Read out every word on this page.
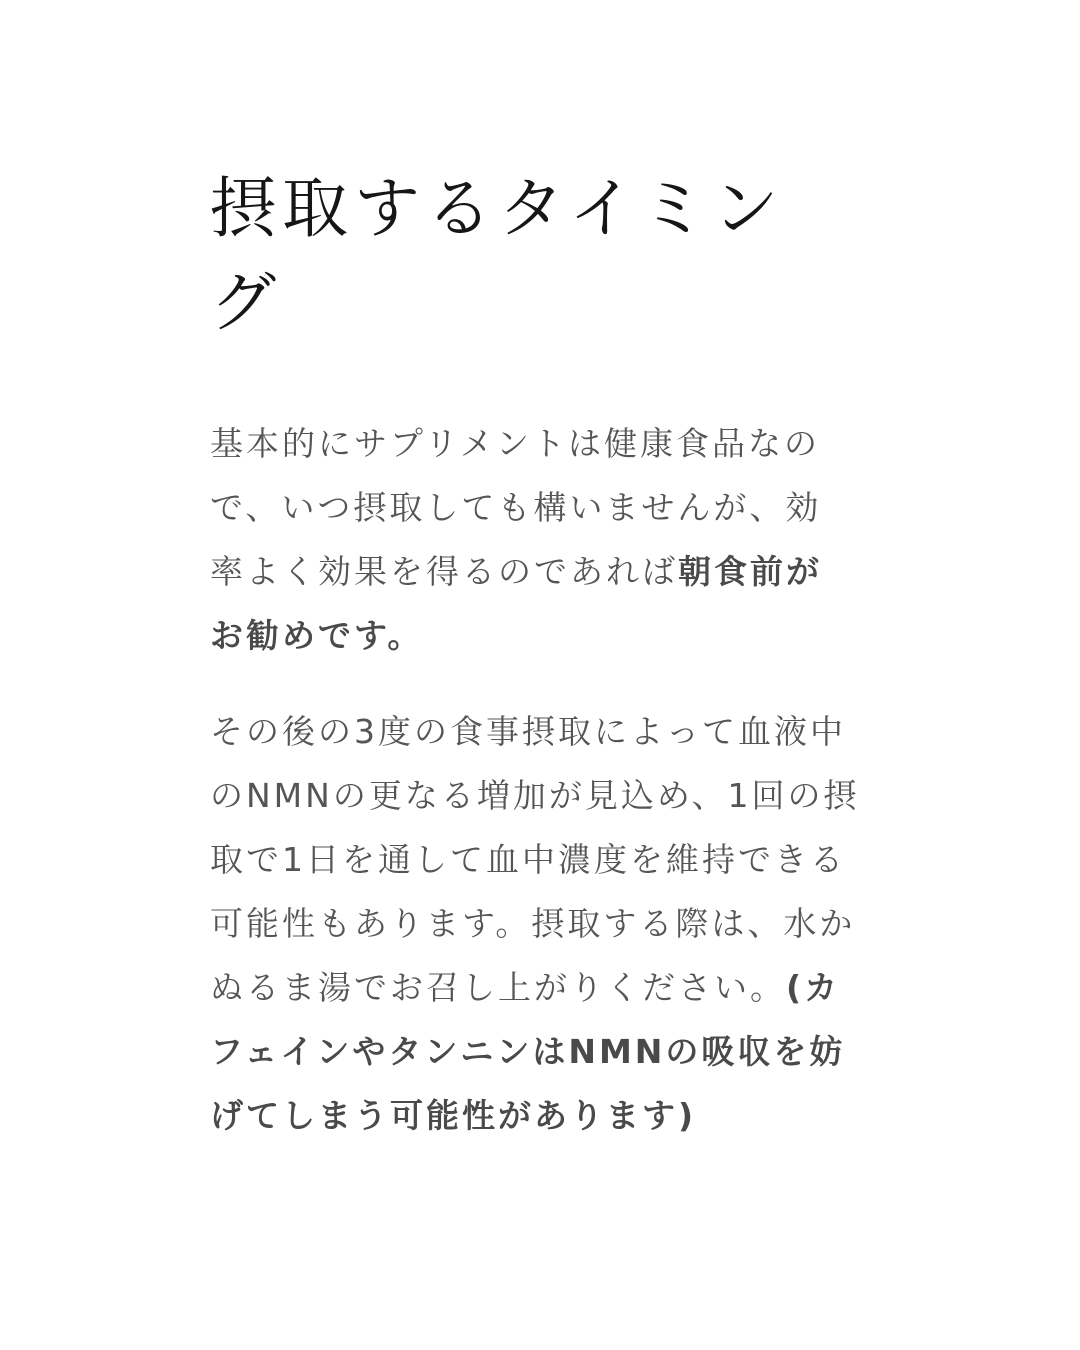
摂取するタイミング

基本的にサプリメントは健康食品なので、いつ摂取しても構いませんが、効率よく効果を得るのであれば朝食前がお勧めです。

その後の3度の食事摂取によって血液中のNMNの更なる増加が見込め、1回の摂取で1日を通して血中濃度を維持できる可能性もあります。摂取する際は、水かぬるま湯でお召し上がりください。(カフェインやタンニンはNMNの吸収を妨げてしまう可能性があります)
